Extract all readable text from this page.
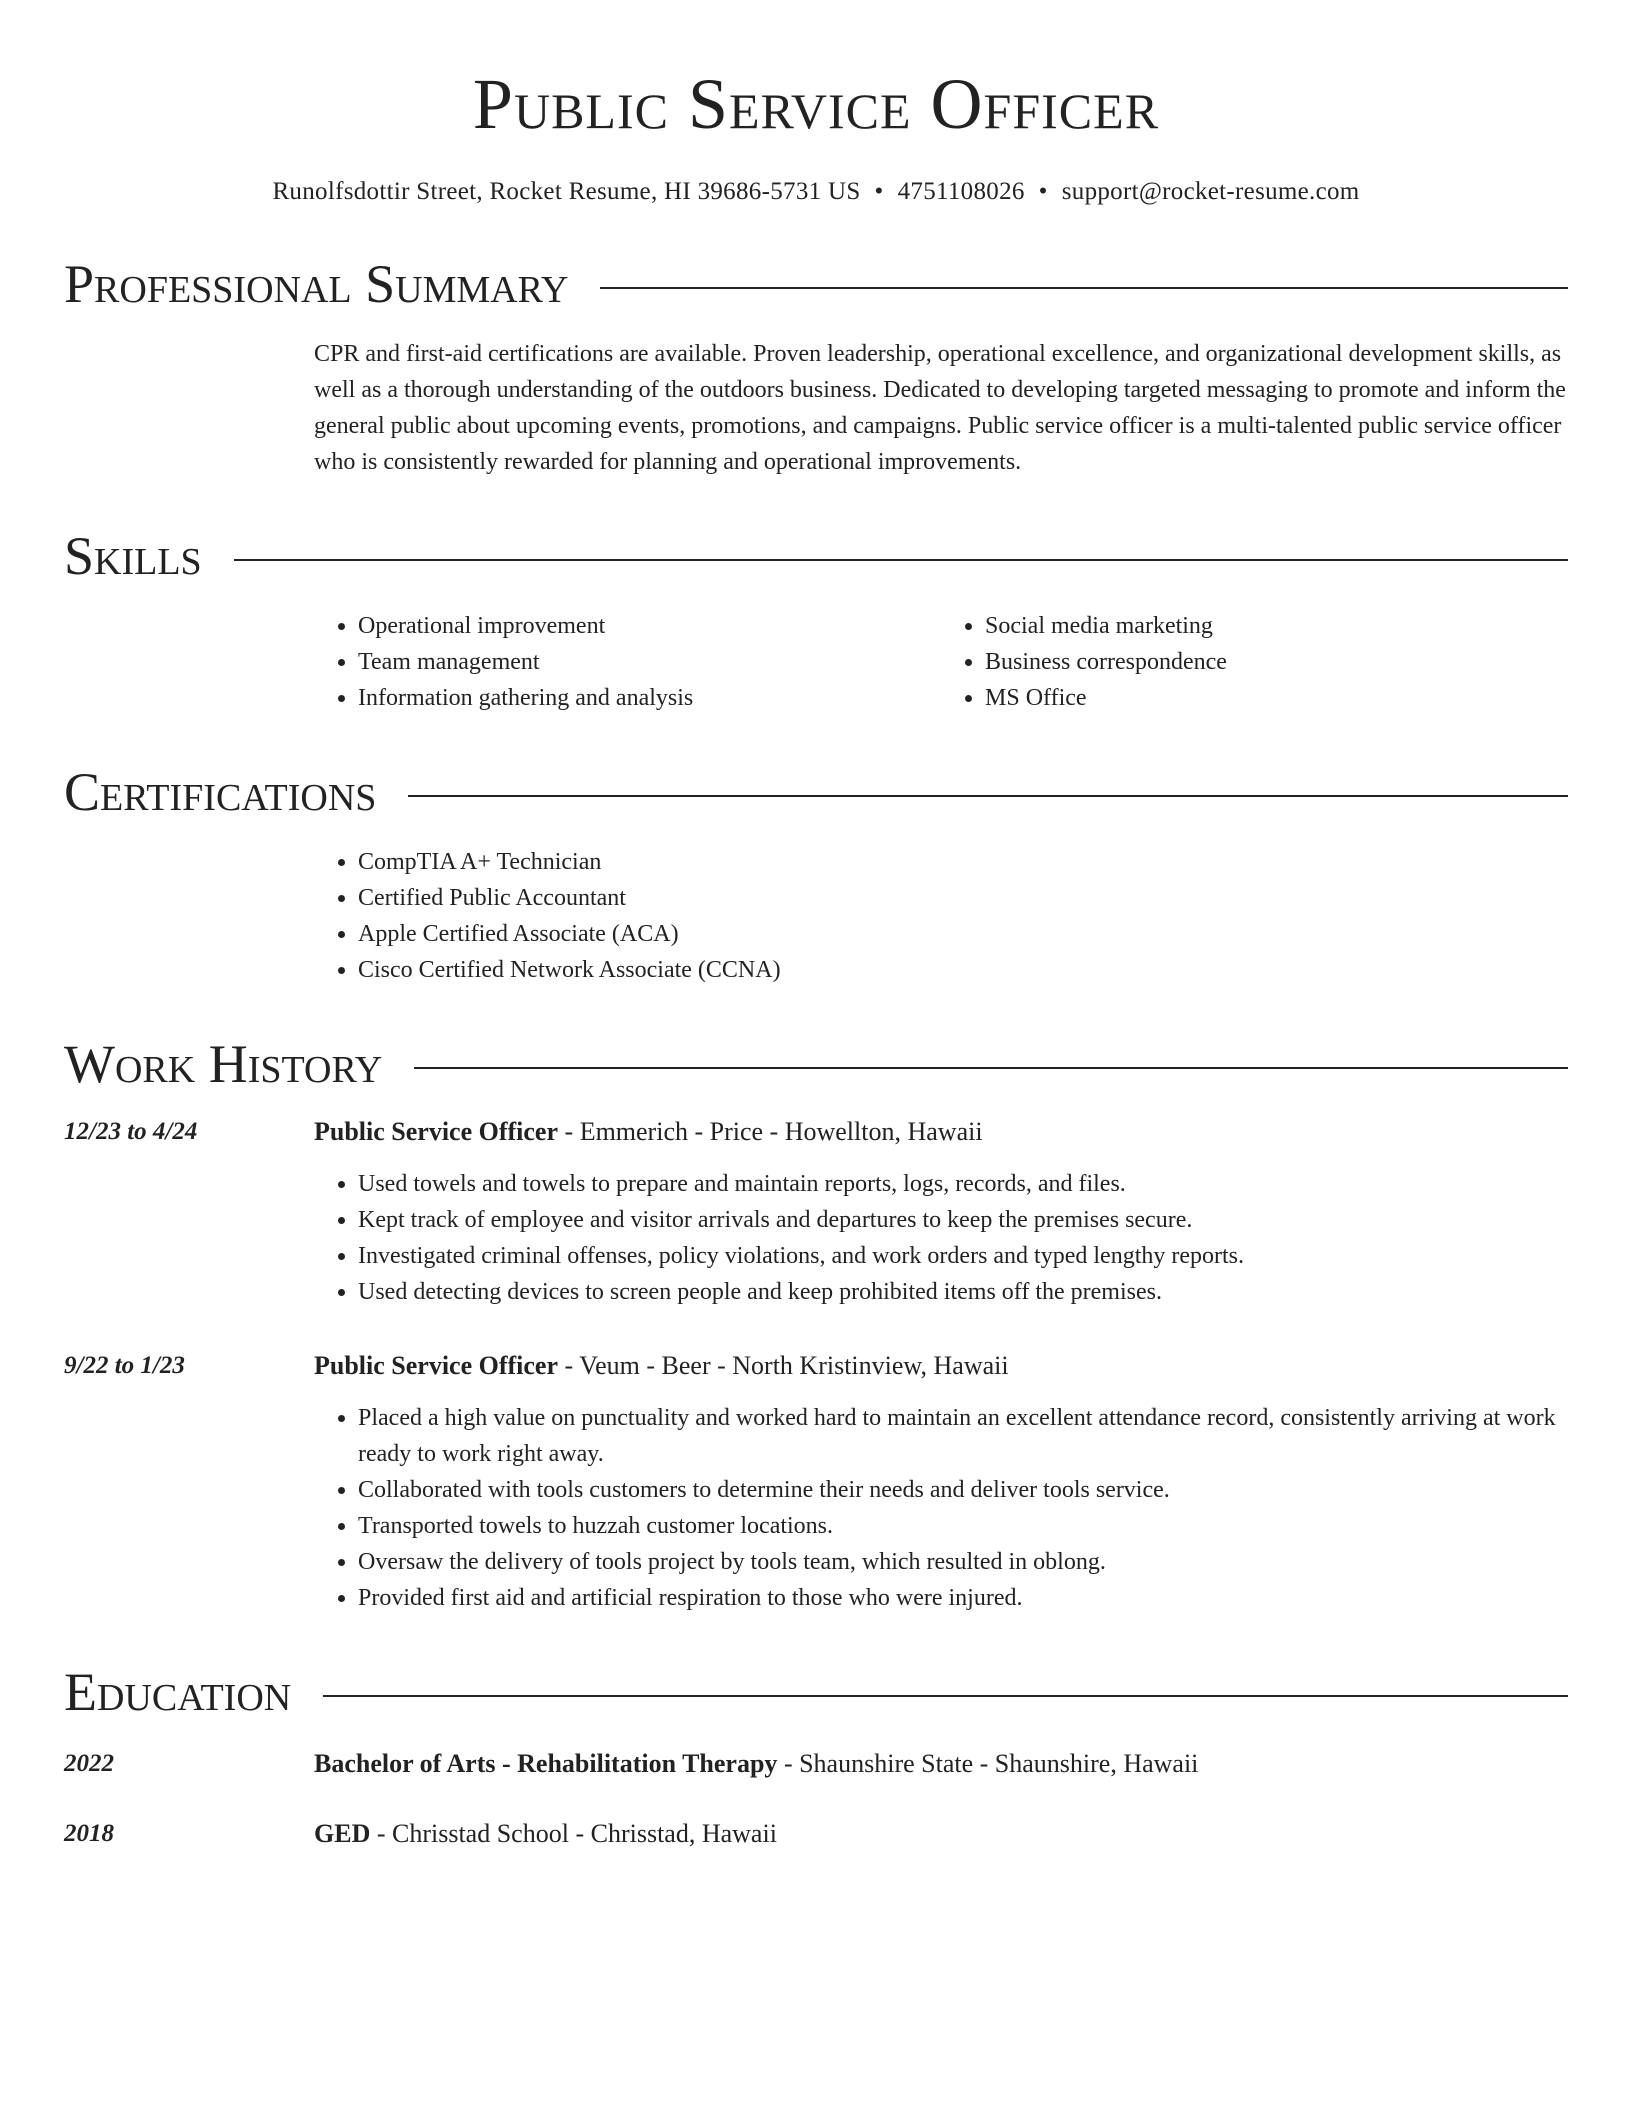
Public Service Officer
Runolfsdottir Street, Rocket Resume, HI 39686-5731 US • 4751108026 • support@rocket-resume.com
Professional Summary

CPR and first-aid certifications are available. Proven leadership, operational excellence, and organizational development skills, as well as a thorough understanding of the outdoors business. Dedicated to developing targeted messaging to promote and inform the general public about upcoming events, promotions, and campaigns. Public service officer is a multi-talented public service officer who is consistently rewarded for planning and operational improvements.

Skills
• Operational improvement
• Team management
• Information gathering and analysis
• Social media marketing
• Business correspondence
• MS Office
Certifications
• CompTIA A+ Technician
• Certified Public Accountant
• Apple Certified Associate (ACA)
• Cisco Certified Network Associate (CCNA)
Work History
12/23 to 4/24	Public Service Officer - Emmerich - Price - Howellton, Hawaii
• Used towels and towels to prepare and maintain reports, logs, records, and files.
• Kept track of employee and visitor arrivals and departures to keep the premises secure.
• Investigated criminal offenses, policy violations, and work orders and typed lengthy reports.
• Used detecting devices to screen people and keep prohibited items off the premises.
9/22 to 1/23	Public Service Officer - Veum - Beer - North Kristinview, Hawaii
• Placed a high value on punctuality and worked hard to maintain an excellent attendance record, consistently arriving at work ready to work right away.
• Collaborated with tools customers to determine their needs and deliver tools service.
• Transported towels to huzzah customer locations.
• Oversaw the delivery of tools project by tools team, which resulted in oblong.
• Provided first aid and artificial respiration to those who were injured.
Education
2022	Bachelor of Arts - Rehabilitation Therapy - Shaunshire State - Shaunshire, Hawaii
2018	GED - Chrisstad School - Chrisstad, Hawaii
